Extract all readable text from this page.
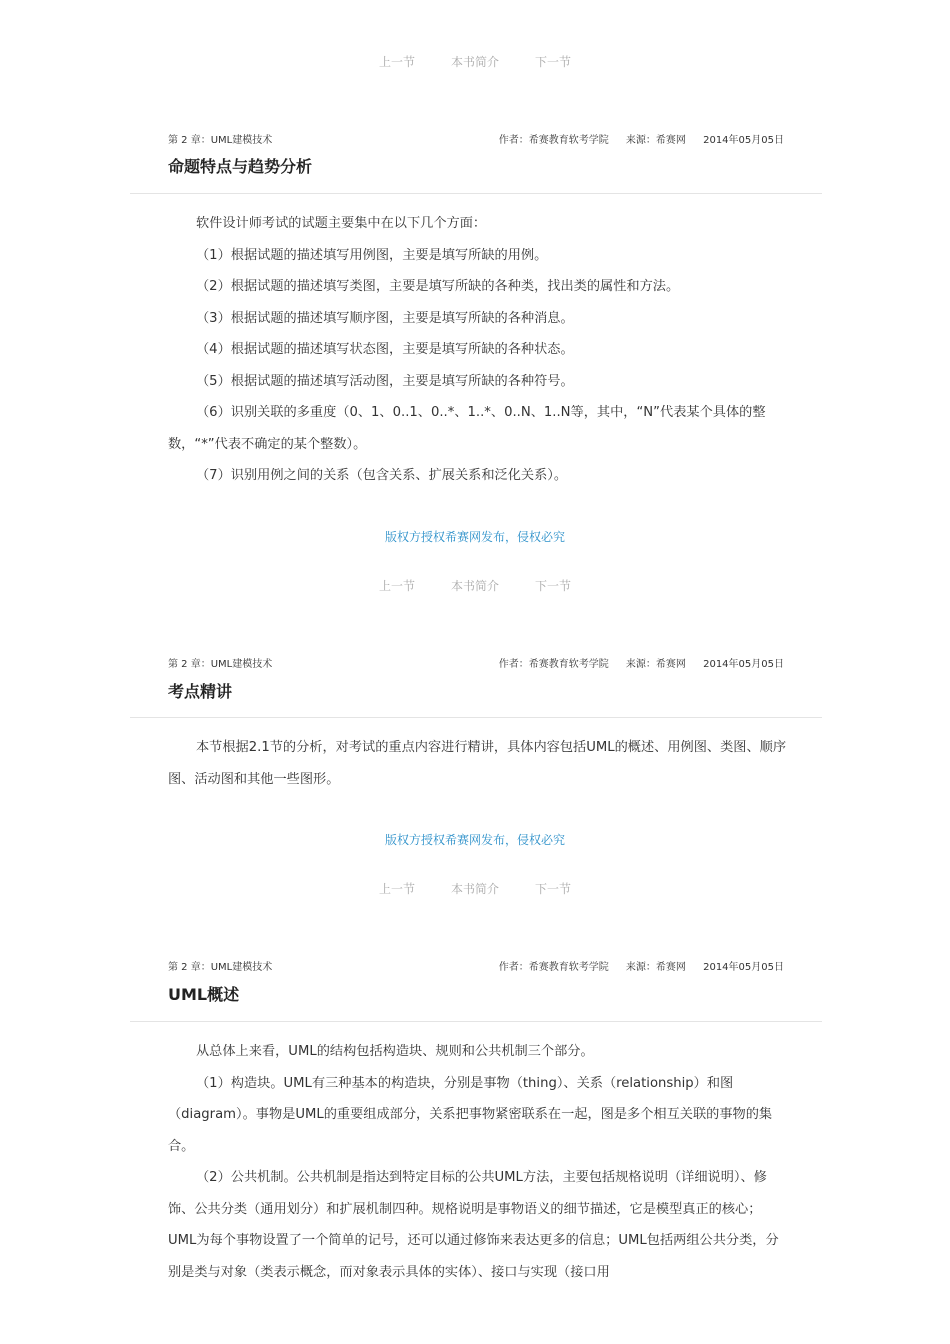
上一节	本书简介	下一节
第 2 章：UML建模技术	作者：希赛教育软考学院 来源：希赛网 2014年05月05日
命题特点与趋势分析

软件设计师考试的试题主要集中在以下几个方面：

（1）根据试题的描述填写用例图，主要是填写所缺的用例。

（2）根据试题的描述填写类图，主要是填写所缺的各种类，找出类的属性和方法。

（3）根据试题的描述填写顺序图，主要是填写所缺的各种消息。

（4）根据试题的描述填写状态图，主要是填写所缺的各种状态。

（5）根据试题的描述填写活动图，主要是填写所缺的各种符号。

（6）识别关联的多重度（0、1、0..1、0..*、1..*、0..N、1..N等，其中，“N”代表某个具体的整数，“*”代表不确定的某个整数）。

（7）识别用例之间的关系（包含关系、扩展关系和泛化关系）。

版权方授权希赛网发布，侵权必究
上一节	本书简介	下一节
第 2 章：UML建模技术	作者：希赛教育软考学院 来源：希赛网 2014年05月05日
考点精讲

本节根据2.1节的分析，对考试的重点内容进行精讲，具体内容包括UML的概述、用例图、类图、顺序图、活动图和其他一些图形。

版权方授权希赛网发布，侵权必究
上一节	本书简介	下一节
第 2 章：UML建模技术	作者：希赛教育软考学院 来源：希赛网 2014年05月05日
UML概述

从总体上来看，UML的结构包括构造块、规则和公共机制三个部分。

（1）构造块。UML有三种基本的构造块，分别是事物（thing）、关系（relationship）和图（diagram）。事物是UML的重要组成部分，关系把事物紧密联系在一起，图是多个相互关联的事物的集合。

（2）公共机制。公共机制是指达到特定目标的公共UML方法，主要包括规格说明（详细说明）、修饰、公共分类（通用划分）和扩展机制四种。规格说明是事物语义的细节描述，它是模型真正的核心；UML为每个事物设置了一个简单的记号，还可以通过修饰来表达更多的信息；UML包括两组公共分类，分别是类与对象（类表示概念，而对象表示具体的实体）、接口与实现（接口用
